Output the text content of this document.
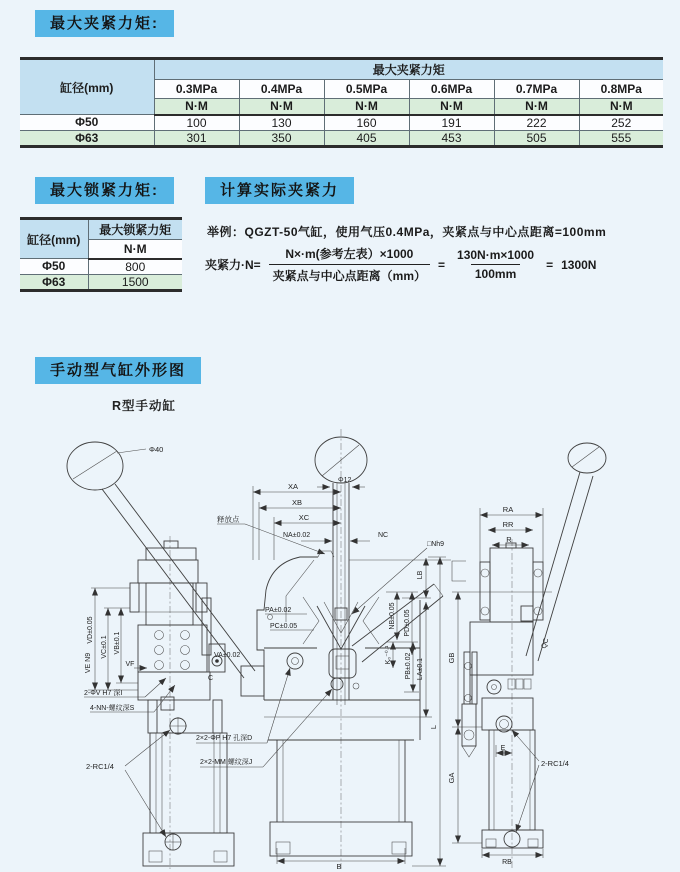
最大夹紧力矩:
缸径(mm)	最大夹紧力矩					
	0.3MPa	0.4MPa	0.5MPa	0.6MPa	0.7MPa	0.8MPa
	N·M	N·M	N·M	N·M	N·M	N·M
Φ50	100	130	160	191	222	252
Φ63	301	350	405	453	505	555
最大锁紧力矩:	计算实际夹紧力
缸径(mm)	最大锁紧力矩
	N·M
Φ50	800
Φ63	1500
举例：QGZT-50气缸，使用气压0.4MPa，夹紧点与中心点距离=100mm
夹紧力$\cdot N= \frac{\text{N×·m(参考左表）×1000}}{\text{夹紧点与中心点距离（mm）}} = \frac{130N\cdot m\times 1000}{100mm} = 1300N$
手动型气缸外形图
R型手动缸
Φ40
VD±0.05
VC±0.1 VB±0.1
VF
VE N9	VA±0.02
C
2-ΦV H7 深I
4-NN-螺纹深S
2-RC1/4
Φ12
XA
XB
XC
NA±0.02	NC
□Nh9
释放点
PA±0.02
PC±0.05	NB±0.05 PD±0.05
K₀⁻⁰·¹ PB±0.02 LA±0.1
LB
L
GB
GA
B
2×2-ΦP H7 孔深D
2×2-MM 螺纹深J
RA
RR
R
QC
E
2-RC1/4
RB
